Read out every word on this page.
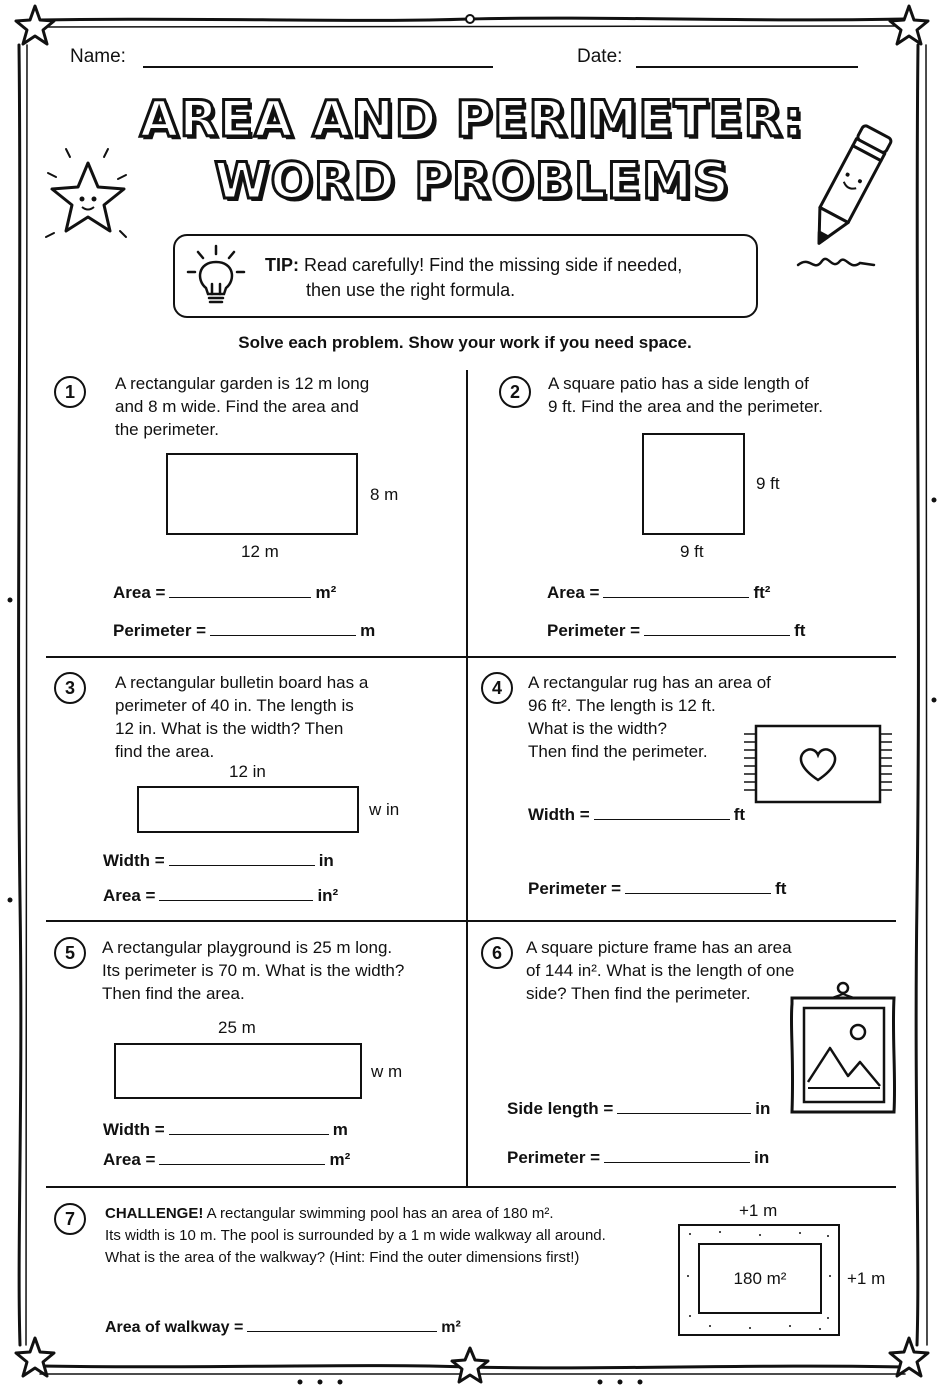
Name:	Date:
AREA AND PERIMETER:
WORD PROBLEMS
TIP: Read carefully! Find the missing side if needed,
then use the right formula.
Solve each problem. Show your work if you need space.
1	A rectangular garden is 12 m long
and 8 m wide. Find the area and
the perimeter.
8 m
12 m
Area =	m²
Perimeter =	m
2	A square patio has a side length of
9 ft. Find the area and the perimeter.
9 ft
9 ft
Area =	ft²
Perimeter =	ft
3	A rectangular bulletin board has a
perimeter of 40 in. The length is
12 in. What is the width? Then
find the area.
12 in
w in
Width =	in
Area =	in²
4	A rectangular rug has an area of
96 ft². The length is 12 ft.
What is the width?
Then find the perimeter.
Width =	ft
Perimeter =	ft
5	A rectangular playground is 25 m long.
Its perimeter is 70 m. What is the width?
Then find the area.
25 m
w m
Width =	m
Area =	m²
6	A square picture frame has an area
of 144 in². What is the length of one
side? Then find the perimeter.
Side length =	in
Perimeter =	in
7	CHALLENGE! A rectangular swimming pool has an area of 180 m².
Its width is 10 m. The pool is surrounded by a 1 m wide walkway all around.
What is the area of the walkway? (Hint: Find the outer dimensions first!)
+1 m
180 m²	+1 m
Area of walkway =	m²
